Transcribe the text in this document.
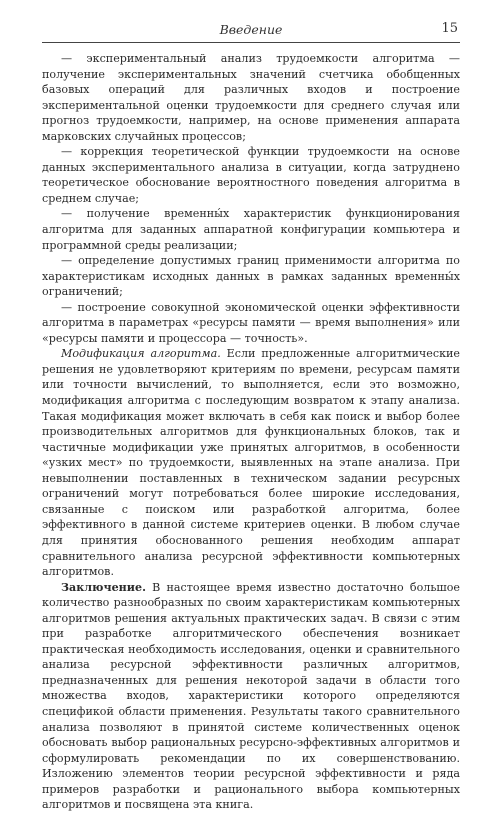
Введение	15

— экспериментальный анализ трудоемкости алгоритма — получение экспериментальных значений счетчика обобщенных базовых операций для различных входов и построение экспериментальной оценки трудоемкости для среднего случая или прогноз трудоемкости, например, на основе применения аппарата марковских случайных процессов;

— коррекция теоретической функции трудоемкости на основе данных экспериментального анализа в ситуации, когда затруднено теоретическое обоснование вероятностного поведения алгоритма в среднем случае;

— получение временны́х характеристик функционирования алгоритма для заданных аппаратной конфигурации компьютера и программной среды реализации;

— определение допустимых границ применимости алгоритма по характеристикам исходных данных в рамках заданных временны́х ограничений;

— построение совокупной экономической оценки эффективности алгоритма в параметрах «ресурсы памяти — время выполнения» или «ресурсы памяти и процессора — точность».

Модификация алгоритма. Если предложенные алгоритмические решения не удовлетворяют критериям по времени, ресурсам памяти или точности вычислений, то выполняется, если это возможно, модификация алгоритма с последующим возвратом к этапу анализа. Такая модификация может включать в себя как поиск и выбор более производительных алгоритмов для функциональных блоков, так и частичные модификации уже принятых алгоритмов, в особенности «узких мест» по трудоемкости, выявленных на этапе анализа. При невыполнении поставленных в техническом задании ресурсных ограничений могут потребоваться более широкие исследования, связанные с поиском или разработкой алгоритма, более эффективного в данной системе критериев оценки. В любом случае для принятия обоснованного решения необходим аппарат сравнительного анализа ресурсной эффективности компьютерных алгоритмов.

Заключение. В настоящее время известно достаточно большое количество разнообразных по своим характеристикам компьютерных алгоритмов решения актуальных практических задач. В связи с этим при разработке алгоритмического обеспечения возникает практическая необходимость исследования, оценки и сравнительного анализа ресурсной эффективности различных алгоритмов, предназначенных для решения некоторой задачи в области того множества входов, характеристики которого определяются спецификой области применения. Результаты такого сравнительного анализа позволяют в принятой системе количественных оценок обосновать выбор рациональных ресурсно-эффективных алгоритмов и сформулировать рекомендации по их совершенствованию. Изложению элементов теории ресурсной эффективности и ряда примеров разработки и рационального выбора компьютерных алгоритмов и посвящена эта книга.
